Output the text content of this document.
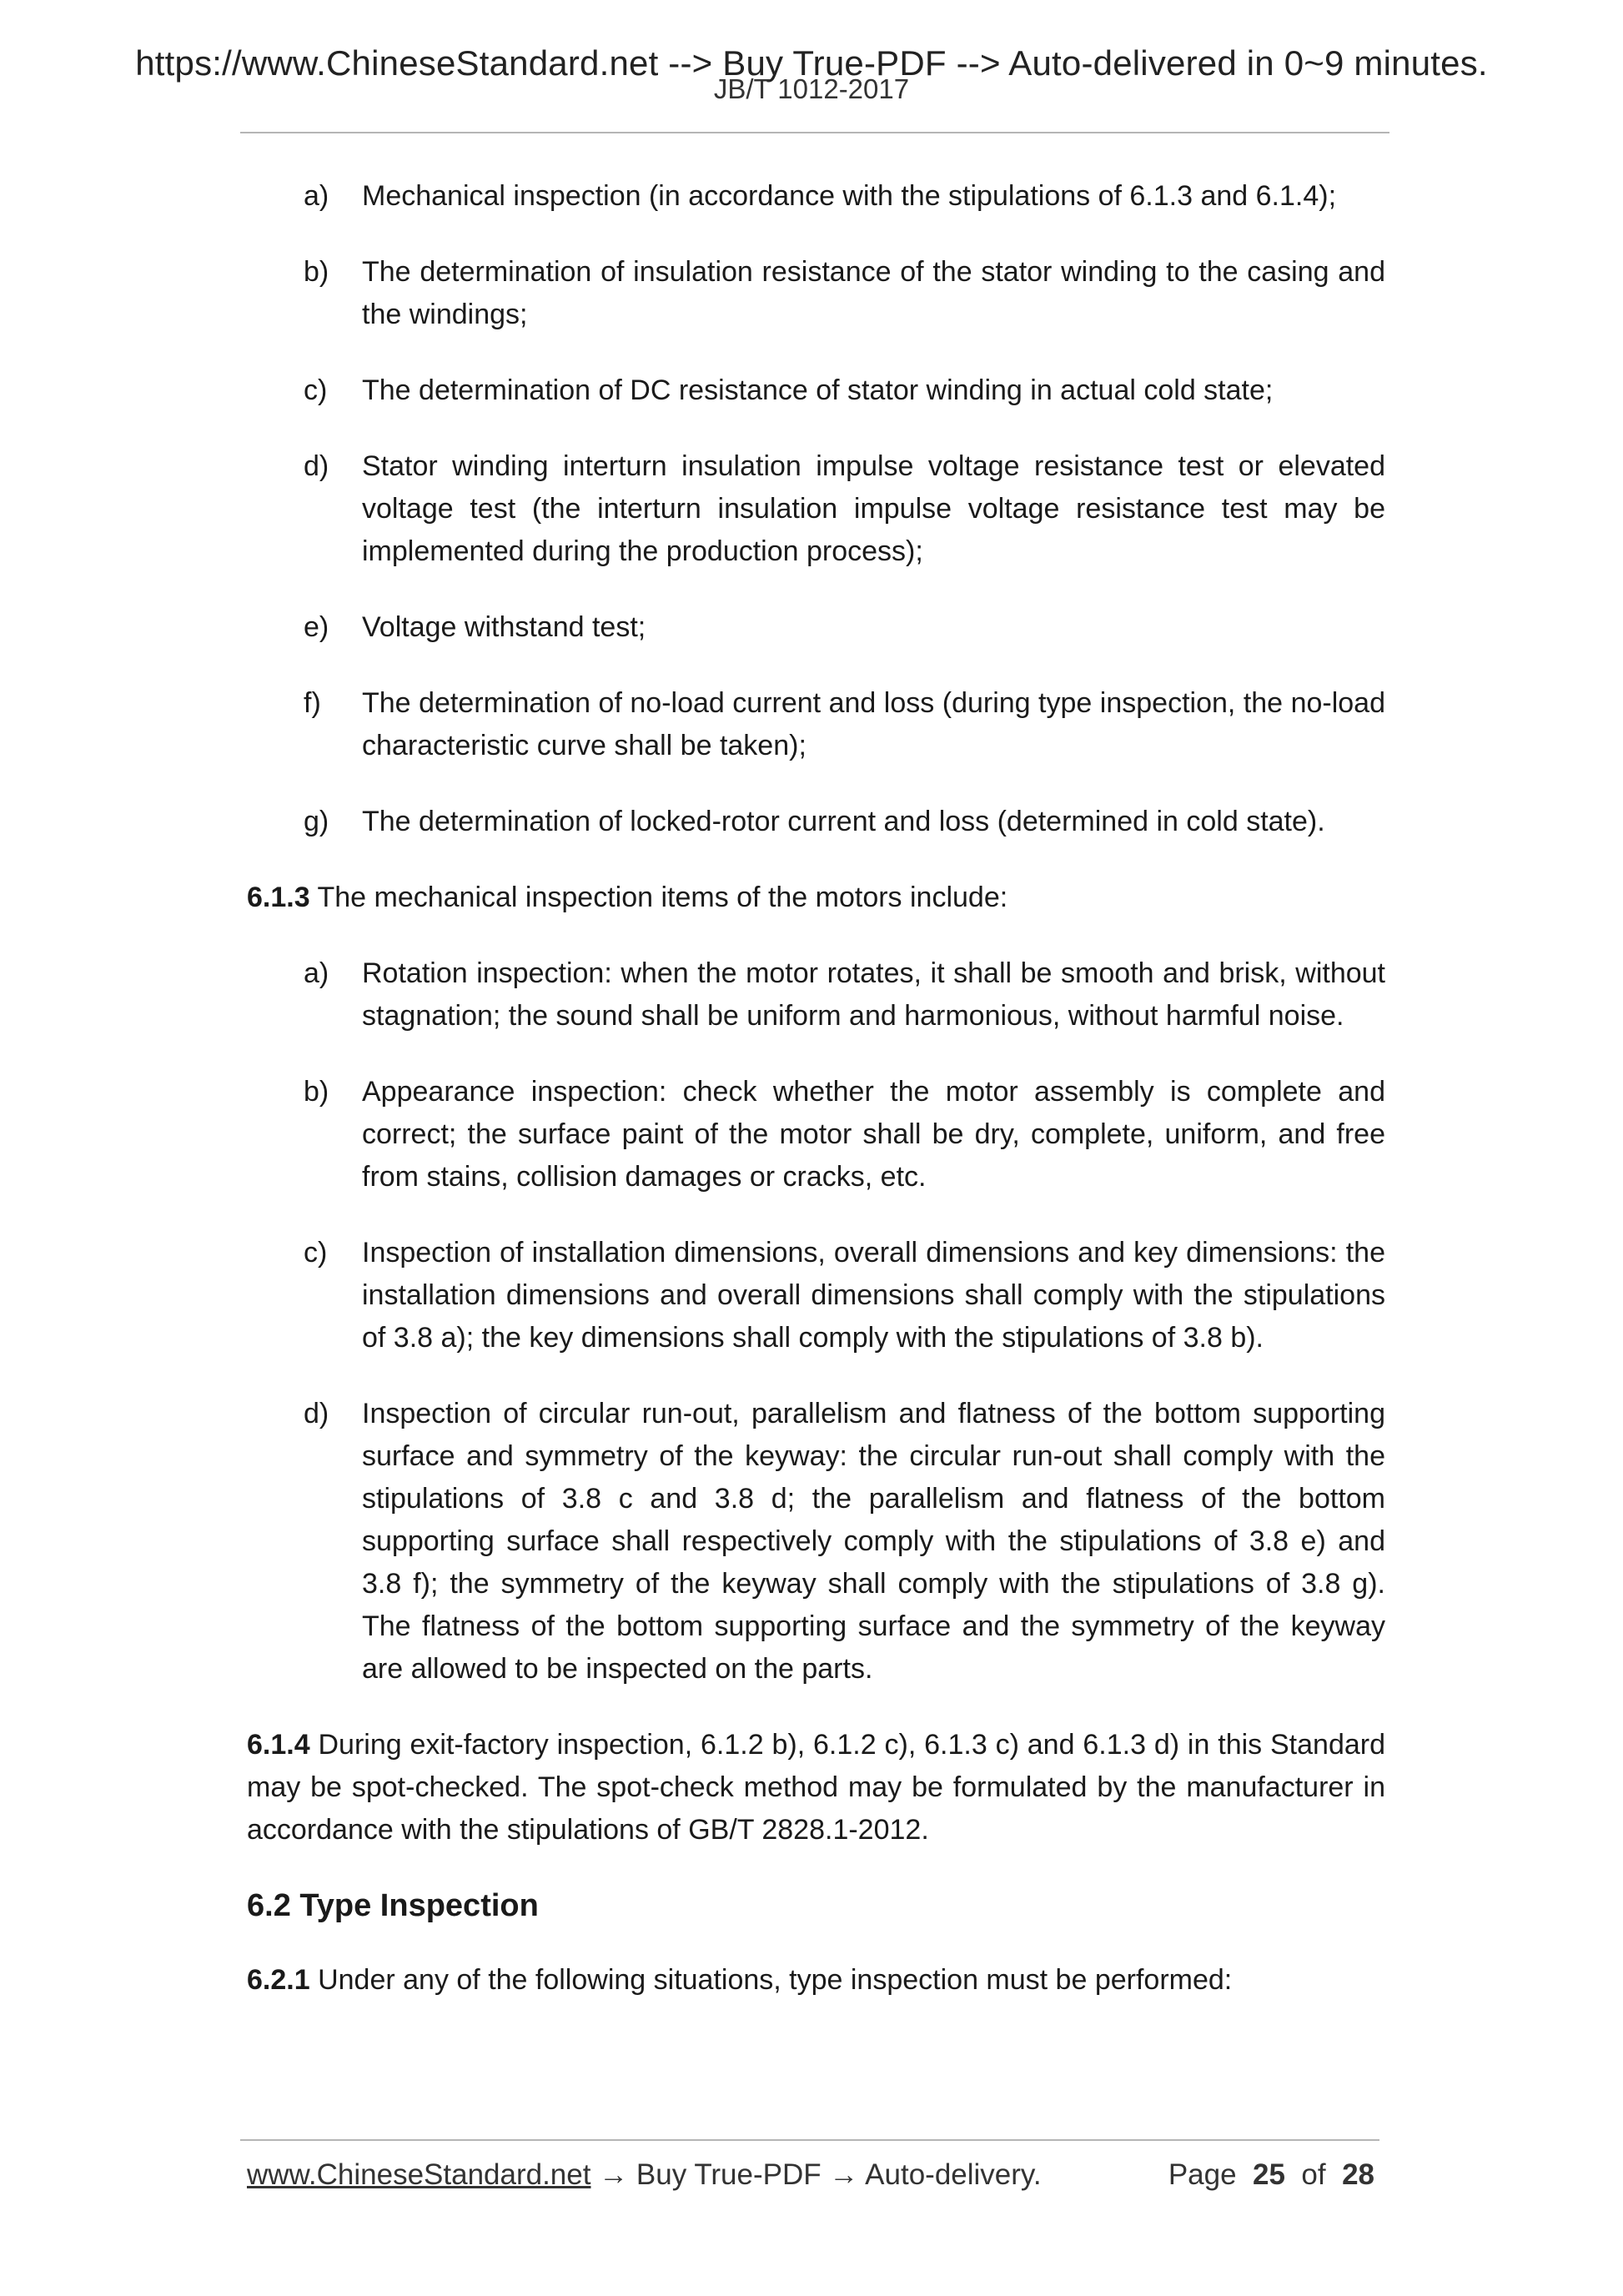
https://www.ChineseStandard.net --> Buy True-PDF --> Auto-delivered in 0~9 minutes.
JB/T 1012-2017
a) Mechanical inspection (in accordance with the stipulations of 6.1.3 and 6.1.4);
b) The determination of insulation resistance of the stator winding to the casing and the windings;
c) The determination of DC resistance of stator winding in actual cold state;
d) Stator winding interturn insulation impulse voltage resistance test or elevated voltage test (the interturn insulation impulse voltage resistance test may be implemented during the production process);
e) Voltage withstand test;
f) The determination of no-load current and loss (during type inspection, the no-load characteristic curve shall be taken);
g) The determination of locked-rotor current and loss (determined in cold state).
6.1.3 The mechanical inspection items of the motors include:
a) Rotation inspection: when the motor rotates, it shall be smooth and brisk, without stagnation; the sound shall be uniform and harmonious, without harmful noise.
b) Appearance inspection: check whether the motor assembly is complete and correct; the surface paint of the motor shall be dry, complete, uniform, and free from stains, collision damages or cracks, etc.
c) Inspection of installation dimensions, overall dimensions and key dimensions: the installation dimensions and overall dimensions shall comply with the stipulations of 3.8 a); the key dimensions shall comply with the stipulations of 3.8 b).
d) Inspection of circular run-out, parallelism and flatness of the bottom supporting surface and symmetry of the keyway: the circular run-out shall comply with the stipulations of 3.8 c and 3.8 d; the parallelism and flatness of the bottom supporting surface shall respectively comply with the stipulations of 3.8 e) and 3.8 f); the symmetry of the keyway shall comply with the stipulations of 3.8 g). The flatness of the bottom supporting surface and the symmetry of the keyway are allowed to be inspected on the parts.
6.1.4 During exit-factory inspection, 6.1.2 b), 6.1.2 c), 6.1.3 c) and 6.1.3 d) in this Standard may be spot-checked. The spot-check method may be formulated by the manufacturer in accordance with the stipulations of GB/T 2828.1-2012.
6.2 Type Inspection
6.2.1 Under any of the following situations, type inspection must be performed:
www.ChineseStandard.net → Buy True-PDF → Auto-delivery.	Page 25 of 28
